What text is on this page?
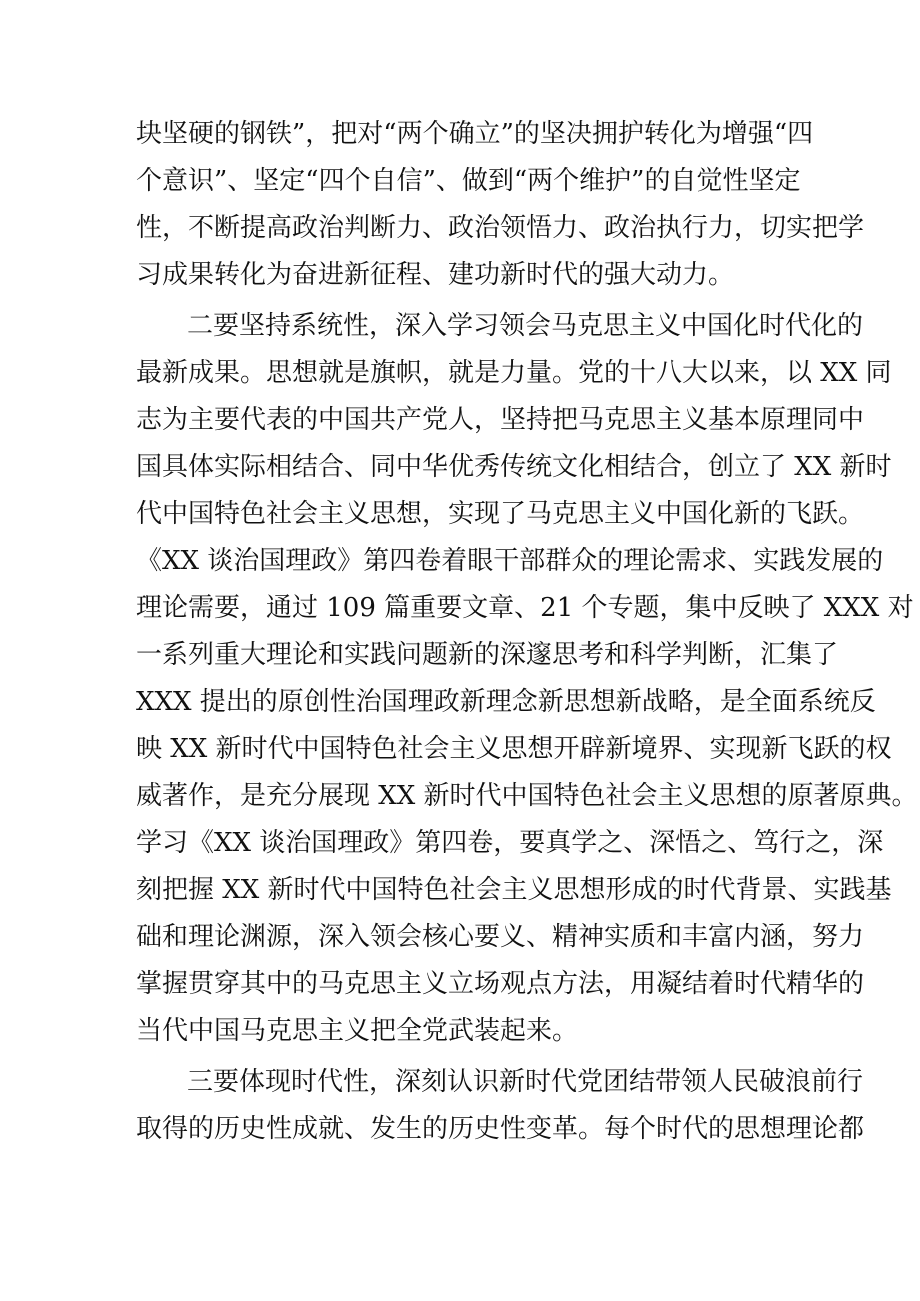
块坚硬的钢铁”，把对“两个确立”的坚决拥护转化为增强“四
个意识”、坚定“四个自信”、做到“两个维护”的自觉性坚定
性，不断提高政治判断力、政治领悟力、政治执行力，切实把学
习成果转化为奋进新征程、建功新时代的强大动力。
二要坚持系统性，深入学习领会马克思主义中国化时代化的
最新成果。思想就是旗帜，就是力量。党的十八大以来，以 XX 同
志为主要代表的中国共产党人，坚持把马克思主义基本原理同中
国具体实际相结合、同中华优秀传统文化相结合，创立了 XX 新时
代中国特色社会主义思想，实现了马克思主义中国化新的飞跃。
《XX 谈治国理政》第四卷着眼干部群众的理论需求、实践发展的
理论需要，通过 109 篇重要文章、21 个专题，集中反映了 XXX 对
一系列重大理论和实践问题新的深邃思考和科学判断，汇集了
XXX 提出的原创性治国理政新理念新思想新战略，是全面系统反
映 XX 新时代中国特色社会主义思想开辟新境界、实现新飞跃的权
威著作，是充分展现 XX 新时代中国特色社会主义思想的原著原典。
学习《XX 谈治国理政》第四卷，要真学之、深悟之、笃行之，深
刻把握 XX 新时代中国特色社会主义思想形成的时代背景、实践基
础和理论渊源，深入领会核心要义、精神实质和丰富内涵，努力
掌握贯穿其中的马克思主义立场观点方法，用凝结着时代精华的
当代中国马克思主义把全党武装起来。
三要体现时代性，深刻认识新时代党团结带领人民破浪前行
取得的历史性成就、发生的历史性变革。每个时代的思想理论都
